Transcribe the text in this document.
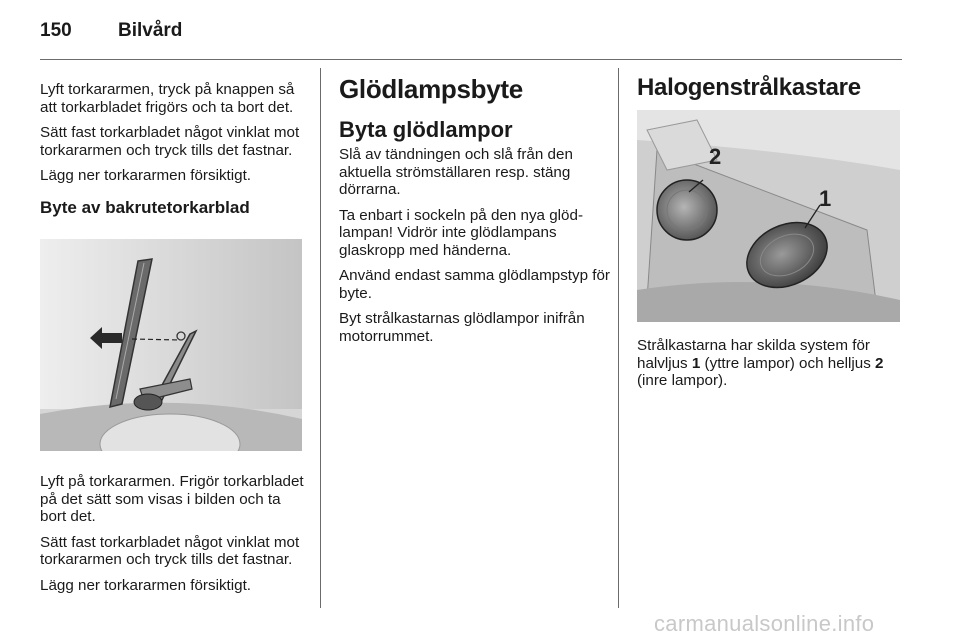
150 Bilvård

Lyft torkararmen, tryck på knappen så att torkarbladet frigörs och ta bort det.

Sätt fast torkarbladet något vinklat mot torkararmen och tryck tills det fastnar.

Lägg ner torkararmen försiktigt.

Byte av bakrutetorkarblad

Lyft på torkararmen. Frigör torkarbladet på det sätt som visas i bilden och ta bort det.

Sätt fast torkarbladet något vinklat mot torkararmen och tryck tills det fastnar.

Lägg ner torkararmen försiktigt.

Glödlampsbyte
Byta glödlampor

Slå av tändningen och slå från den aktuella strömställaren resp. stäng dörrarna.

Ta enbart i sockeln på den nya glödlampan! Vidrör inte glödlampans glaskropp med händerna.

Använd endast samma glödlampstyp för byte.

Byt strålkastarnas glödlampor inifrån motorrummet.

Halogenstrålkastare
2
1
Strålkastarna har skilda system för halvljus 1 (yttre lampor) och helljus 2 (inre lampor).
carmanualsonline.info
